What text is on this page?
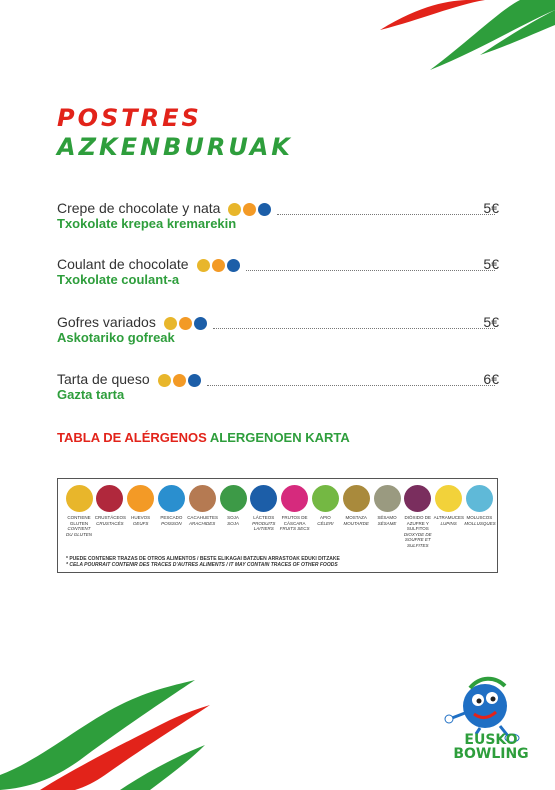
POSTRES
AZKENBURUAK
Crepe de chocolate y nata
Txokolate krepea kremarekin
5€
Coulant de chocolate
Txokolate coulant-a
5€
Gofres variados
Askotariko gofreak
5€
Tarta de queso
Gazta tarta
6€
TABLA DE ALÉRGENOS ALERGENOEN KARTA
CONTIENE GLUTEN
CONTIENT DU GLUTEN
CRUSTÁCEOS
CRUSTACÉS
HUEVOS
OEUFS
PESCADO
POISSON
CACAHUETES
ARACHIDES
SOJA
SOJA
LÁCTEOS
PRODUITS LAITIERS
FRUTOS DE CÁSCARA
FRUITS SECS
APIO
CÉLERI
MOSTAZA
MOUTARDE
SÉSAMO
SÉSAME
DIÓXIDO DE AZUFRE Y SULFITOS
DIOXYDE DE SOUFRE ET SULFITES
ALTRAMUCES
LUPINS
MOLUSCOS
MOLLUSQUES
* PUEDE CONTENER TRAZAS DE OTROS ALIMENTOS / BESTE ELIKAGAI BATZUEN ARRASTOAK EDUKI DITZAKE
* CELA POURRAIT CONTENIR DES TRACES D'AUTRES ALIMENTS / IT MAY CONTAIN TRACES OF OTHER FOODS
EUSKO
BOWLING
